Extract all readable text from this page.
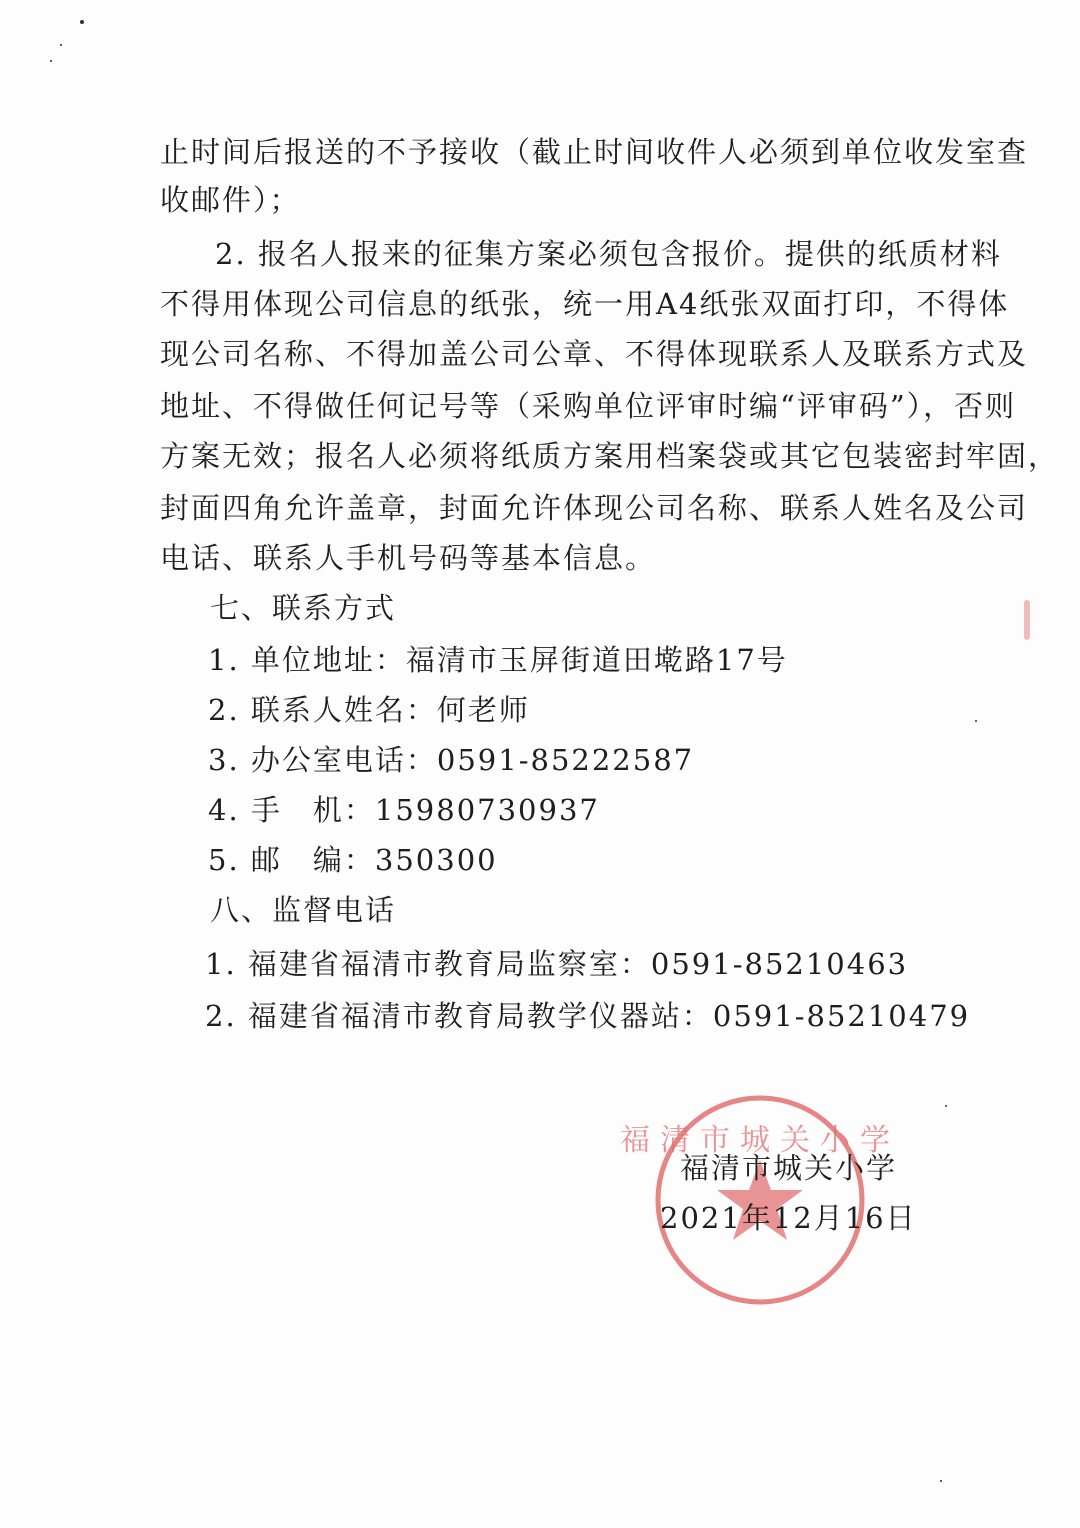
止时间后报送的不予接收（截止时间收件人必须到单位收发室查
收邮件）；
2. 报名人报来的征集方案必须包含报价。提供的纸质材料
不得用体现公司信息的纸张，统一用A4纸张双面打印，不得体
现公司名称、不得加盖公司公章、不得体现联系人及联系方式及
地址、不得做任何记号等（采购单位评审时编“评审码”），否则
方案无效；报名人必须将纸质方案用档案袋或其它包装密封牢固，
封面四角允许盖章，封面允许体现公司名称、联系人姓名及公司
电话、联系人手机号码等基本信息。
七、联系方式
1. 单位地址：福清市玉屏街道田墘路17号
2. 联系人姓名：何老师
3. 办公室电话：0591-85222587
4. 手　机：15980730937
5. 邮　编：350300
八、监督电话
1. 福建省福清市教育局监察室：0591-85210463
2. 福建省福清市教育局教学仪器站：0591-85210479
福清市城关小学
福清市城关小学
2021年12月16日
